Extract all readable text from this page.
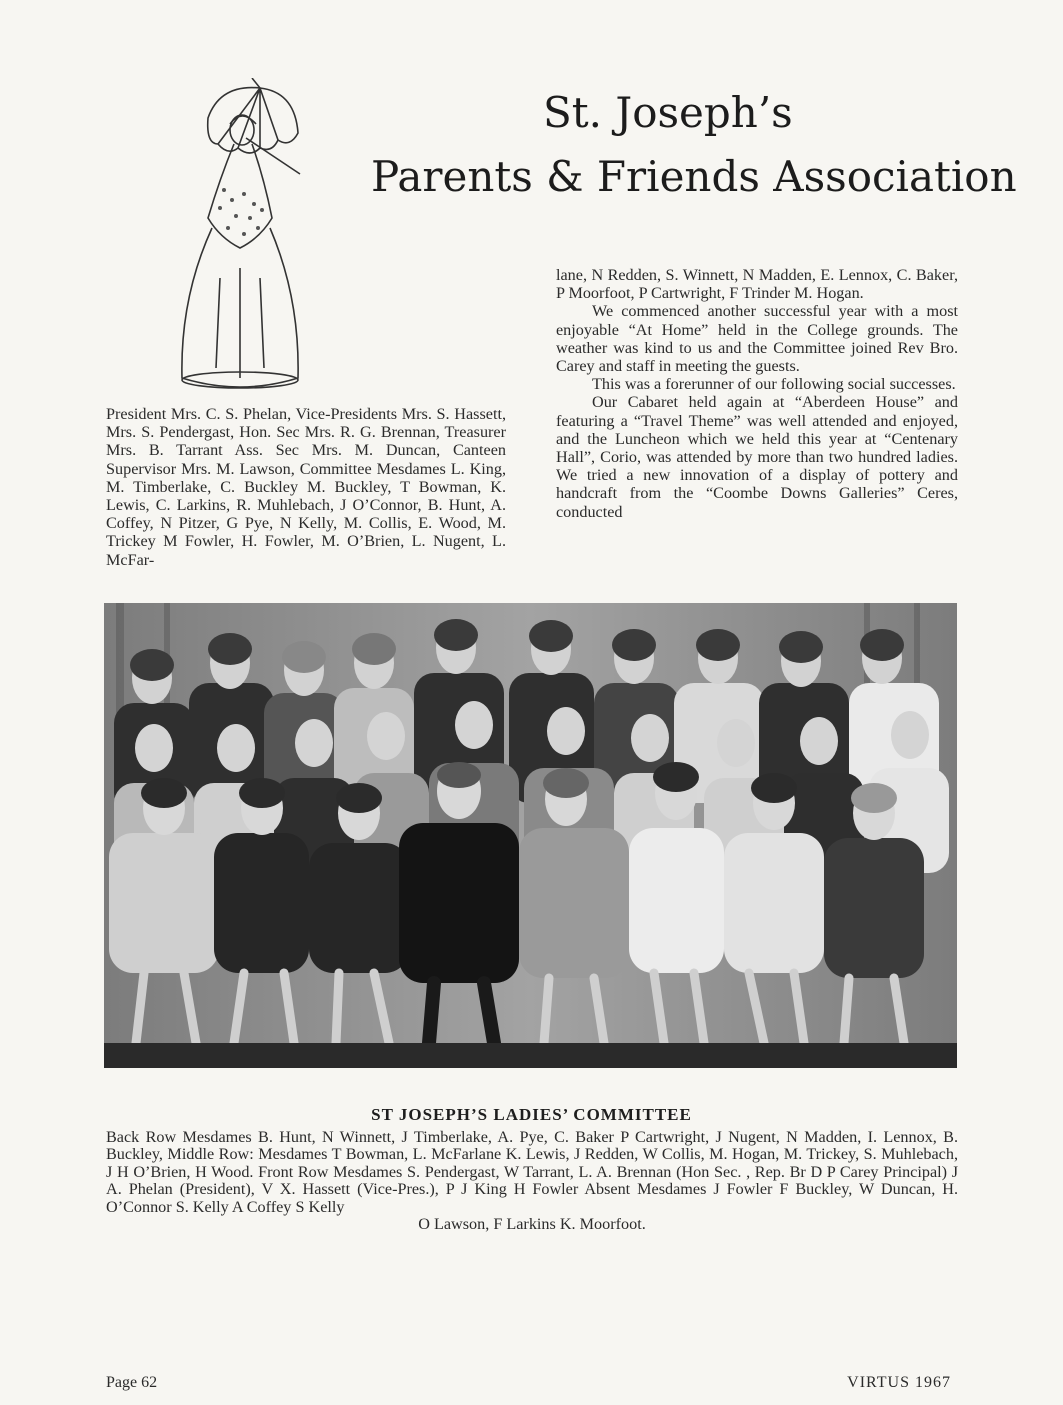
St. Joseph’s
Parents & Friends Association

President Mrs. C. S. Phelan, Vice-Presidents Mrs. S. Hassett, Mrs. S. Pendergast, Hon. Sec Mrs. R. G. Brennan, Treasurer Mrs. B. Tarrant Ass. Sec Mrs. M. Duncan, Canteen Supervisor Mrs. M. Lawson, Committee Mesdames L. King, M. Timberlake, C. Buckley M. Buckley, T Bowman, K. Lewis, C. Larkins, R. Muhlebach, J O’Connor, B. Hunt, A. Coffey, N Pitzer, G Pye, N Kelly, M. Collis, E. Wood, M. Trickey M Fowler, H. Fowler, M. O’Brien, L. Nugent, L. McFar-

lane, N Redden, S. Winnett, N Madden, E. Lennox, C. Baker, P Moorfoot, P Cartwright, F Trinder M. Hogan.

We commenced another successful year with a most enjoyable “At Home” held in the College grounds. The weather was kind to us and the Committee joined Rev Bro. Carey and staff in meeting the guests.

This was a forerunner of our following social successes.

Our Cabaret held again at “Aberdeen House” and featuring a “Travel Theme” was well attended and enjoyed, and the Luncheon which we held this year at “Centenary Hall”, Corio, was attended by more than two hundred ladies. We tried a new innovation of a display of pottery and handcraft from the “Coombe Downs Galleries” Ceres, conducted

ST JOSEPH’S LADIES’ COMMITTEE

Back Row Mesdames B. Hunt, N Winnett, J Timberlake, A. Pye, C. Baker P Cartwright, J Nugent, N Madden, I. Lennox, B. Buckley, Middle Row: Mesdames T Bowman, L. McFarlane K. Lewis, J Redden, W Collis, M. Hogan, M. Trickey, S. Muhlebach, J H O’Brien, H Wood. Front Row Mesdames S. Pendergast, W Tarrant, L. A. Brennan (Hon Sec. , Rep. Br D P Carey Principal) J A. Phelan (President), V X. Hassett (Vice-Pres.), P J King H Fowler Absent Mesdames J Fowler F Buckley, W Duncan, H. O’Connor S. Kelly A Coffey S Kelly

O Lawson, F Larkins K. Moorfoot.

Page 62	VIRTUS 1967
